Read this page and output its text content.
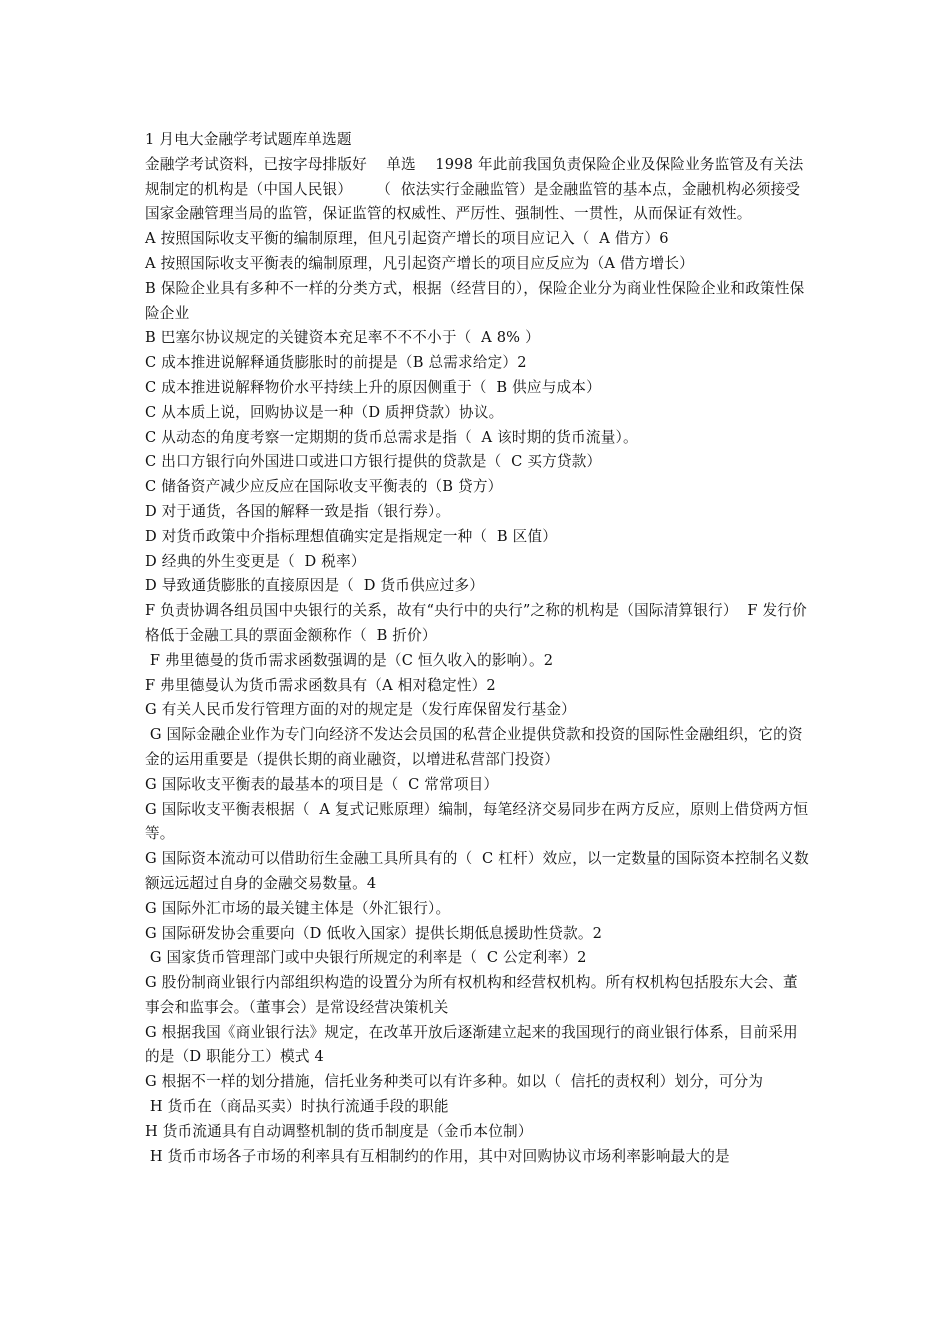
1 月电大金融学考试题库单选题

金融学考试资料，已按字母排版好    单选    1998 年此前我国负责保险企业及保险业务监管及有关法规制定的机构是（中国人民银）     （  依法实行金融监管）是金融监管的基本点，金融机构必须接受国家金融管理当局的监管，保证监管的权威性、严厉性、强制性、一贯性，从而保证有效性。

A 按照国际收支平衡的编制原理，但凡引起资产增长的项目应记入（  A 借方）6

A 按照国际收支平衡表的编制原理，凡引起资产增长的项目应反应为（A 借方增长）

B 保险企业具有多种不一样的分类方式，根据（经营目的），保险企业分为商业性保险企业和政策性保险企业

B 巴塞尔协议规定的关键资本充足率不不不小于（  A 8% ）

C 成本推进说解释通货膨胀时的前提是（B 总需求给定）2

C 成本推进说解释物价水平持续上升的原因侧重于（  B 供应与成本）

C 从本质上说，回购协议是一种（D 质押贷款）协议。

C 从动态的角度考察一定期期的货币总需求是指（  A 该时期的货币流量）。

C 出口方银行向外国进口或进口方银行提供的贷款是（  C 买方贷款）

C 储备资产减少应反应在国际收支平衡表的（B 贷方）

D 对于通货，各国的解释一致是指（银行券）。

D 对货币政策中介指标理想值确实定是指规定一种（  B 区值）

D 经典的外生变更是（  D 税率）

D 导致通货膨胀的直接原因是（  D 货币供应过多）

F 负责协调各组员国中央银行的关系，故有“央行中的央行”之称的机构是（国际清算银行）  F 发行价格低于金融工具的票面金额称作（  B 折价）

F 弗里德曼的货币需求函数强调的是（C 恒久收入的影响）。2

F 弗里德曼认为货币需求函数具有（A 相对稳定性）2

G 有关人民币发行管理方面的对的规定是（发行库保留发行基金）

G 国际金融企业作为专门向经济不发达会员国的私营企业提供贷款和投资的国际性金融组织，它的资金的运用重要是（提供长期的商业融资，以增进私营部门投资）

G 国际收支平衡表的最基本的项目是（  C 常常项目）

G 国际收支平衡表根据（  A 复式记账原理）编制，每笔经济交易同步在两方反应，原则上借贷两方恒等。

G 国际资本流动可以借助衍生金融工具所具有的（  C 杠杆）效应，以一定数量的国际资本控制名义数额远远超过自身的金融交易数量。4

G 国际外汇市场的最关键主体是（外汇银行）。

G 国际研发协会重要向（D 低收入国家）提供长期低息援助性贷款。2

G 国家货币管理部门或中央银行所规定的利率是（  C 公定利率）2

G 股份制商业银行内部组织构造的设置分为所有权机构和经营权机构。所有权机构包括股东大会、董事会和监事会。（董事会）是常设经营决策机关

G 根据我国《商业银行法》规定，在改革开放后逐渐建立起来的我国现行的商业银行体系，目前采用的是（D 职能分工）模式 4

G 根据不一样的划分措施，信托业务种类可以有许多种。如以（  信托的责权利）划分，可分为

H 货币在（商品买卖）时执行流通手段的职能

H 货币流通具有自动调整机制的货币制度是（金币本位制）

H 货币市场各子市场的利率具有互相制约的作用，其中对回购协议市场利率影响最大的是
